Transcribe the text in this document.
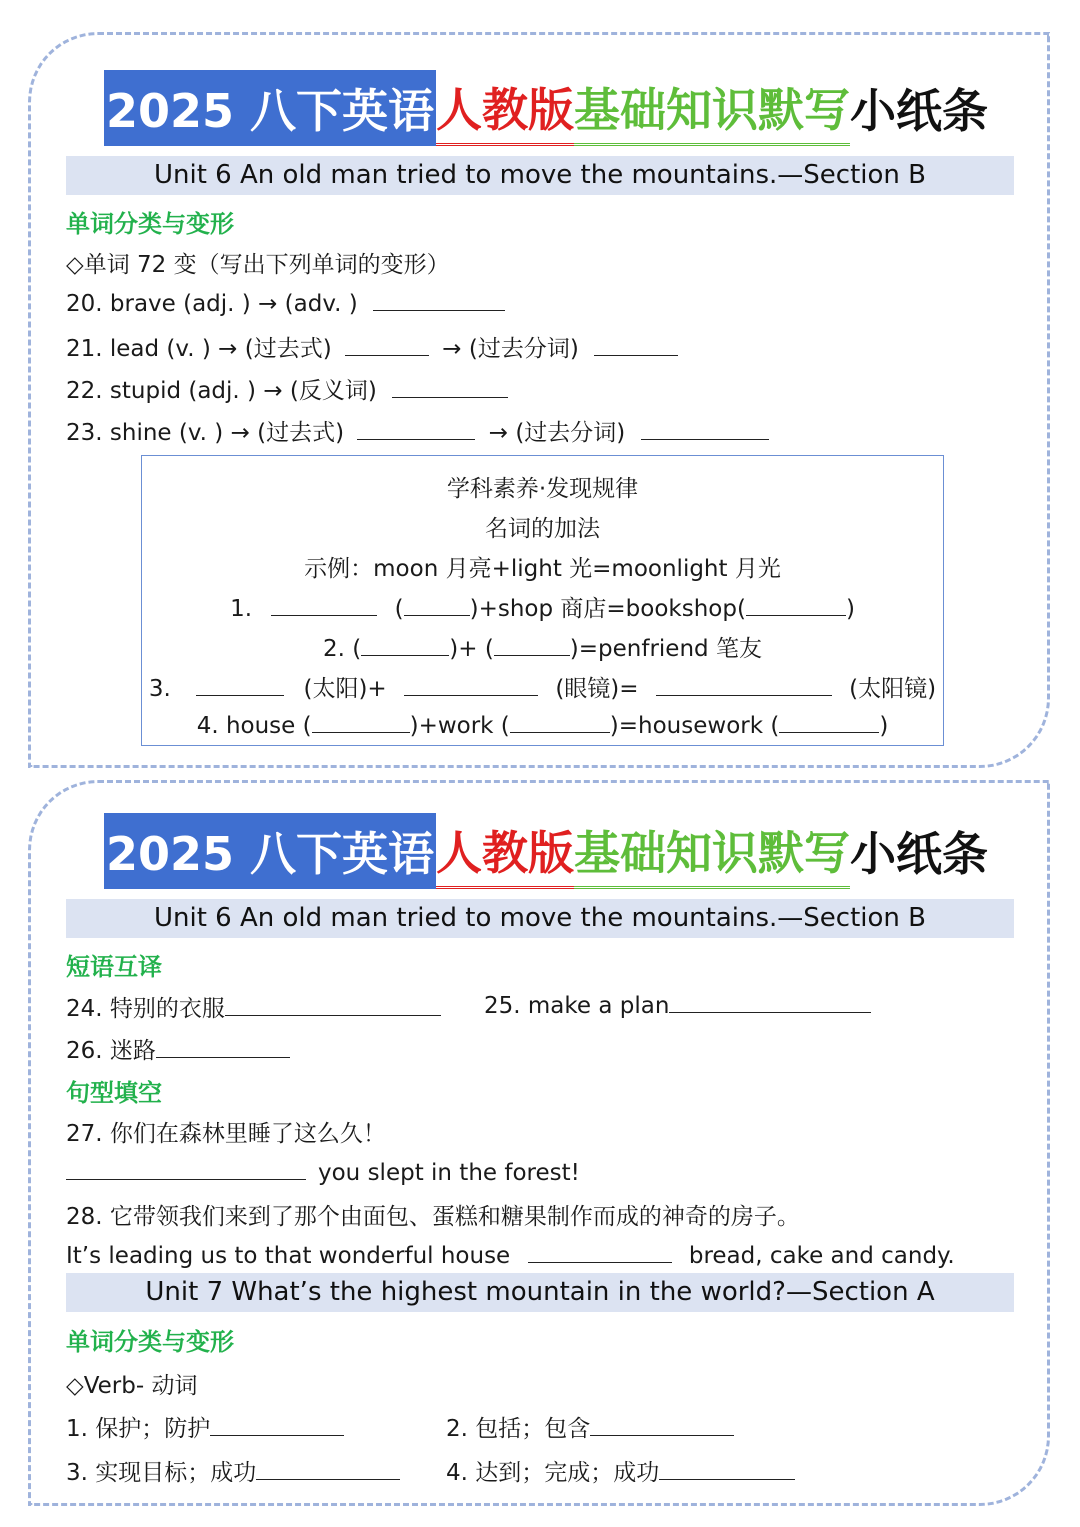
2025 八下英语 人教版 基础知识默写 小纸条
Unit 6 An old man tried to move the mountains.—Section B
单词分类与变形
◇单词 72 变（写出下列单词的变形）
20. brave (adj. ) → (adv. )
21. lead (v. ) → (过去式)	→ (过去分词)
22. stupid (adj. ) → (反义词)
23. shine (v. ) → (过去式)	→ (过去分词)
学科素养·发现规律
名词的加法
示例：moon 月亮+light 光=moonlight 月光
1.	(	)+shop 商店=bookshop(	)
2. (	)+ (	)=penfriend 笔友
3.	(太阳)+	(眼镜)=	(太阳镜)
4. house (	)+work (	)=housework (	)
2025 八下英语 人教版 基础知识默写 小纸条
Unit 6 An old man tried to move the mountains.—Section B
短语互译
24. 特别的衣服	25. make a plan
26. 迷路
句型填空
27. 你们在森林里睡了这么久！
you slept in the forest!
28. 它带领我们来到了那个由面包、蛋糕和糖果制作而成的神奇的房子。
It’s leading us to that wonderful house	bread, cake and candy.
Unit 7 What’s the highest mountain in the world?—Section A
单词分类与变形
◇Verb- 动词
1. 保护；防护	2. 包括；包含
3. 实现目标；成功	4. 达到；完成；成功
